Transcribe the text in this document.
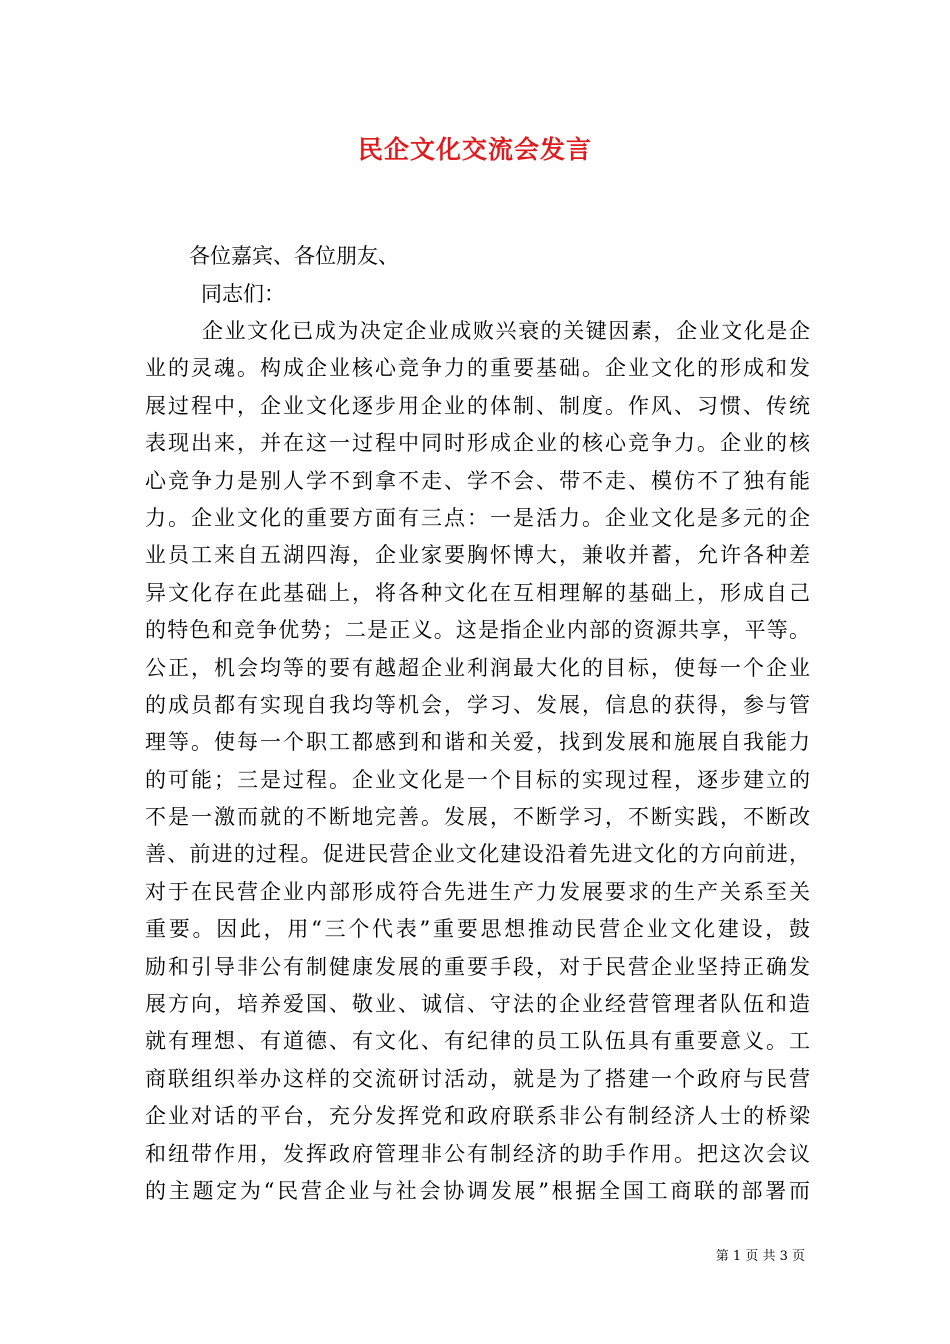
民企文化交流会发言
各位嘉宾、各位朋友、
同志们：
企业文化已成为决定企业成败兴衰的关键因素，企业文化是企
业的灵魂。构成企业核心竞争力的重要基础。企业文化的形成和发
展过程中，企业文化逐步用企业的体制、制度。作风、习惯、传统
表现出来，并在这一过程中同时形成企业的核心竞争力。企业的核
心竞争力是别人学不到拿不走、学不会、带不走、模仿不了独有能
力。企业文化的重要方面有三点：一是活力。企业文化是多元的企
业员工来自五湖四海，企业家要胸怀博大，兼收并蓄，允许各种差
异文化存在此基础上，将各种文化在互相理解的基础上，形成自己
的特色和竞争优势；二是正义。这是指企业内部的资源共享，平等。
公正，机会均等的要有越超企业利润最大化的目标，使每一个企业
的成员都有实现自我均等机会，学习、发展，信息的获得，参与管
理等。使每一个职工都感到和谐和关爱，找到发展和施展自我能力
的可能；三是过程。企业文化是一个目标的实现过程，逐步建立的
不是一激而就的不断地完善。发展，不断学习，不断实践，不断改
善、前进的过程。促进民营企业文化建设沿着先进文化的方向前进，
对于在民营企业内部形成符合先进生产力发展要求的生产关系至关
重要。因此，用“三个代表”重要思想推动民营企业文化建设，鼓
励和引导非公有制健康发展的重要手段，对于民营企业坚持正确发
展方向，培养爱国、敬业、诚信、守法的企业经营管理者队伍和造
就有理想、有道德、有文化、有纪律的员工队伍具有重要意义。工
商联组织举办这样的交流研讨活动，就是为了搭建一个政府与民营
企业对话的平台，充分发挥党和政府联系非公有制经济人士的桥梁
和纽带作用，发挥政府管理非公有制经济的助手作用。把这次会议
的主题定为“民营企业与社会协调发展”根据全国工商联的部署而
第 1 页 共 3 页
